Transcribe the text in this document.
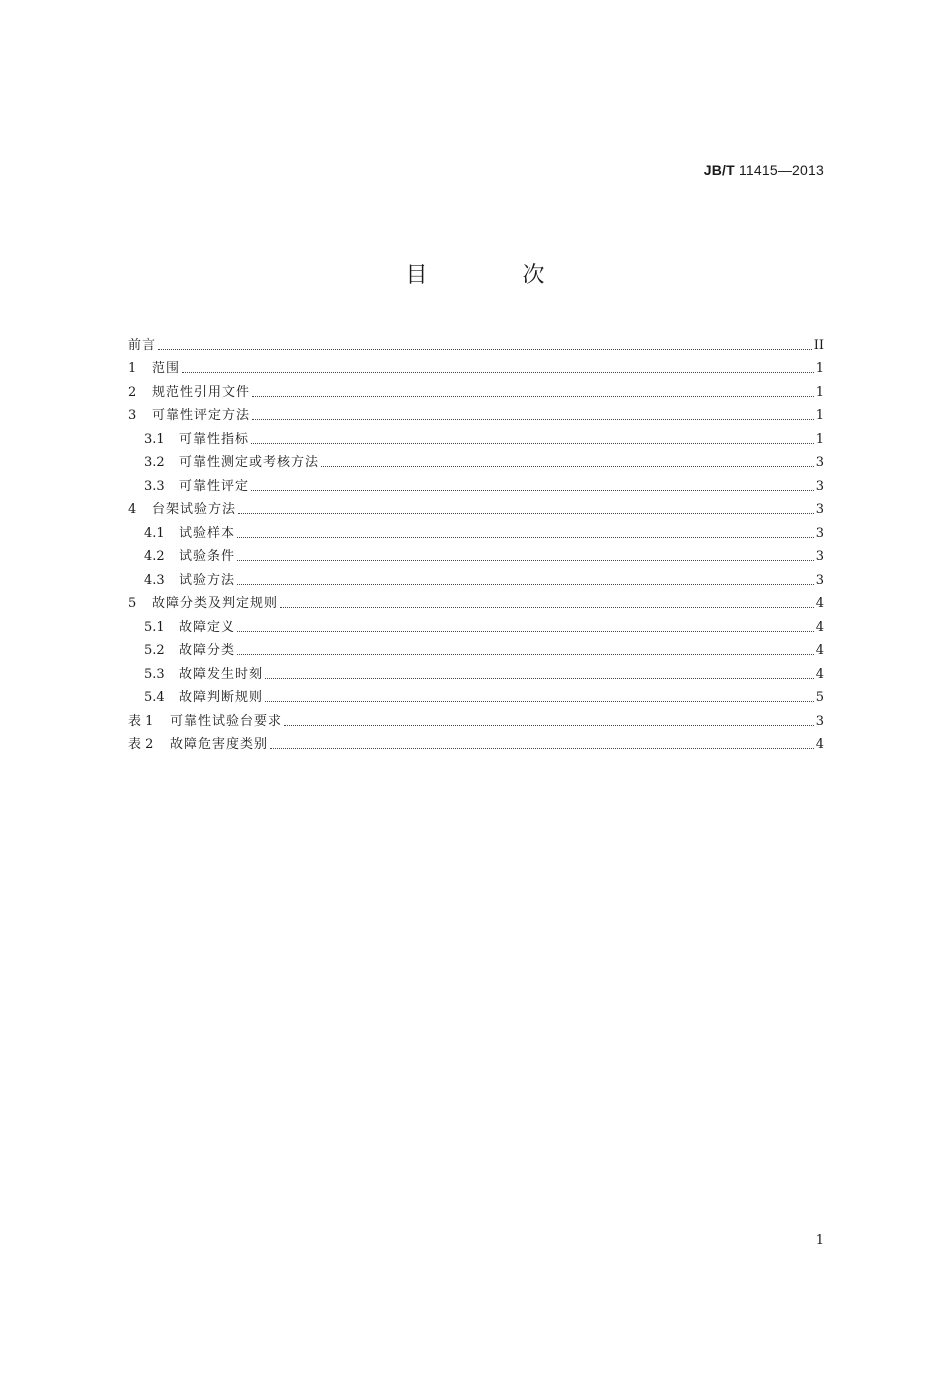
JB/T 11415—2013
目 次
前言	II
1	范围	1
2	规范性引用文件	1
3	可靠性评定方法	1
3.1	可靠性指标	1
3.2	可靠性测定或考核方法	3
3.3	可靠性评定	3
4	台架试验方法	3
4.1	试验样本	3
4.2	试验条件	3
4.3	试验方法	3
5	故障分类及判定规则	4
5.1	故障定义	4
5.2	故障分类	4
5.3	故障发生时刻	4
5.4	故障判断规则	5
表 1	可靠性试验台要求	3
表 2	故障危害度类别	4
1
